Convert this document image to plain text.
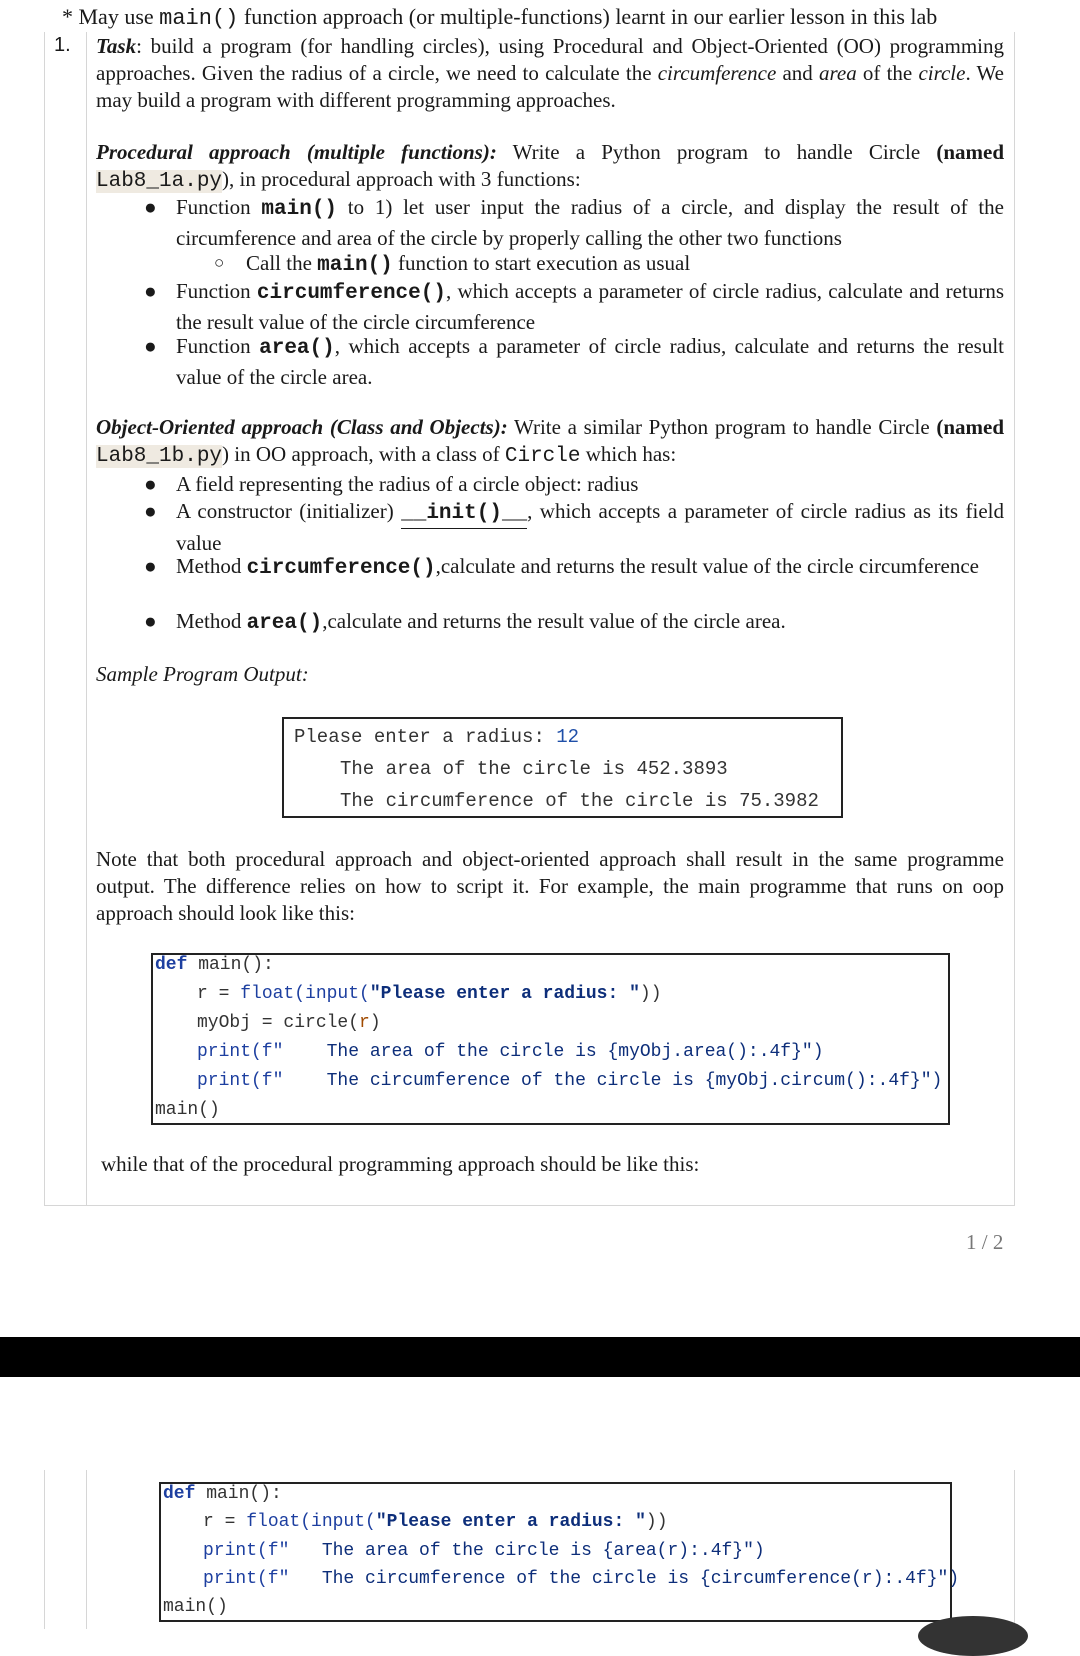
* May use main() function approach (or multiple-functions) learnt in our earlier lesson in this lab
1. Task: build a program (for handling circles), using Procedural and Object-Oriented (OO) programming approaches. Given the radius of a circle, we need to calculate the circumference and area of the circle. We may build a program with different programming approaches.
Procedural approach (multiple functions): Write a Python program to handle Circle (named Lab8_1a.py), in procedural approach with 3 functions:
● Function main() to 1) let user input the radius of a circle, and display the result of the circumference and area of the circle by properly calling the other two functions
○ Call the main() function to start execution as usual
● Function circumference(), which accepts a parameter of circle radius, calculate and returns the result value of the circle circumference
● Function area(), which accepts a parameter of circle radius, calculate and returns the result value of the circle area.
Object-Oriented approach (Class and Objects): Write a similar Python program to handle Circle (named Lab8_1b.py) in OO approach, with a class of Circle which has:
● A field representing the radius of a circle object: radius
● A constructor (initializer) __init()__, which accepts a parameter of circle radius as its field value
● Method circumference(),calculate and returns the result value of the circle circumference
● Method area(),calculate and returns the result value of the circle area.
Sample Program Output:
Please enter a radius: 12
The area of the circle is 452.3893
The circumference of the circle is 75.3982
Note that both procedural approach and object-oriented approach shall result in the same programme output. The difference relies on how to script it. For example, the main programme that runs on oop approach should look like this:
def main():
r = float(input("Please enter a radius: "))
myObj = circle(r)
print(f"    The area of the circle is {myObj.area():.4f}")
print(f"    The circumference of the circle is {myObj.circum():.4f}")
main()
while that of the procedural programming approach should be like this:
1 / 2
def main():
r = float(input("Please enter a radius: "))
print(f"   The area of the circle is {area(r):.4f}")
print(f"   The circumference of the circle is {circumference(r):.4f}")
main()
